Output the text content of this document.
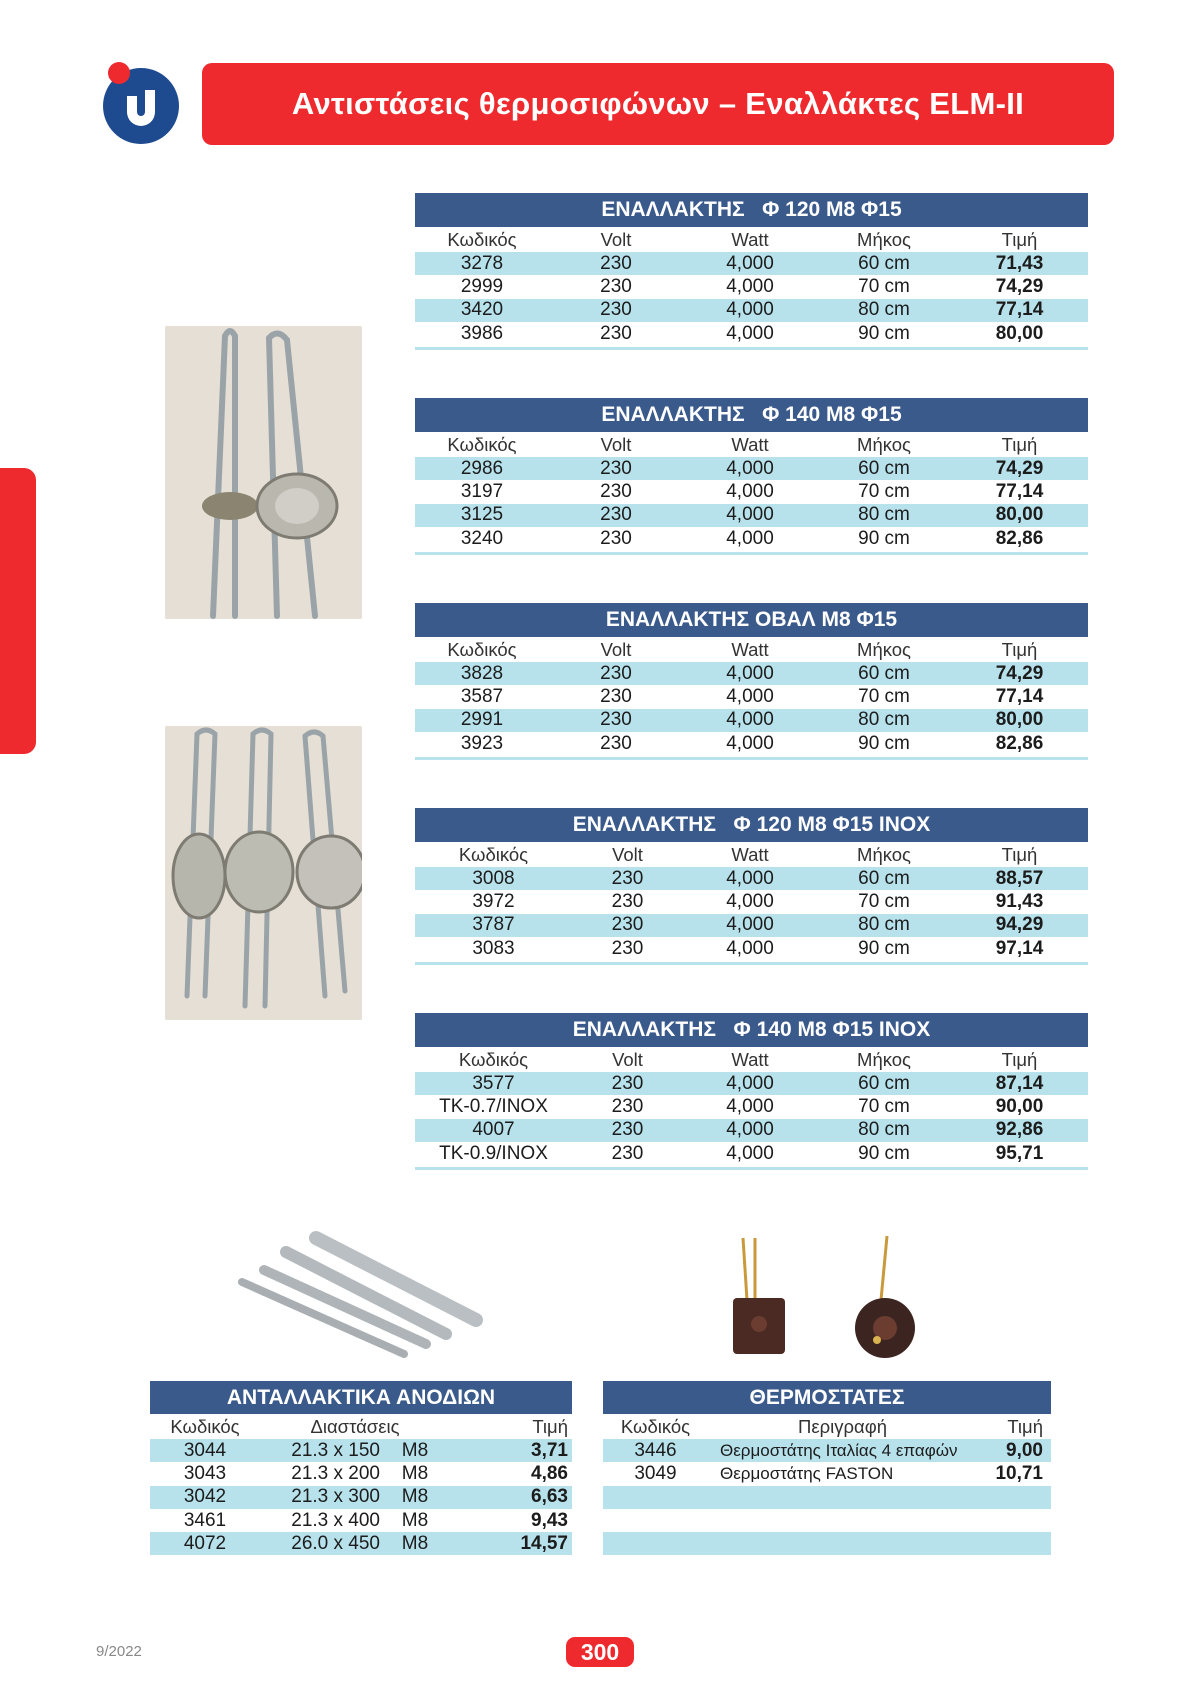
Αντιστάσεις θερμοσιφώνων – Εναλλάκτες ELM-II
ΕΝΑΛΛΑΚΤΗΣ   Φ 120 M8 Φ15
Κωδικός	Volt	Watt	Μήκος	Τιμή
3278	230	4,000	60 cm	71,43
2999	230	4,000	70 cm	74,29
3420	230	4,000	80 cm	77,14
3986	230	4,000	90 cm	80,00
ΕΝΑΛΛΑΚΤΗΣ   Φ 140 M8 Φ15
Κωδικός	Volt	Watt	Μήκος	Τιμή
2986	230	4,000	60 cm	74,29
3197	230	4,000	70 cm	77,14
3125	230	4,000	80 cm	80,00
3240	230	4,000	90 cm	82,86
ΕΝΑΛΛΑΚΤΗΣ ΟΒΑΛ M8 Φ15
Κωδικός	Volt	Watt	Μήκος	Τιμή
3828	230	4,000	60 cm	74,29
3587	230	4,000	70 cm	77,14
2991	230	4,000	80 cm	80,00
3923	230	4,000	90 cm	82,86
ΕΝΑΛΛΑΚΤΗΣ   Φ 120 M8 Φ15 INOX
Κωδικός	Volt	Watt	Μήκος	Τιμή
3008	230	4,000	60 cm	88,57
3972	230	4,000	70 cm	91,43
3787	230	4,000	80 cm	94,29
3083	230	4,000	90 cm	97,14
ΕΝΑΛΛΑΚΤΗΣ   Φ 140 M8 Φ15 INOX
Κωδικός	Volt	Watt	Μήκος	Τιμή
3577	230	4,000	60 cm	87,14
TK-0.7/INOX	230	4,000	70 cm	90,00
4007	230	4,000	80 cm	92,86
TK-0.9/INOX	230	4,000	90 cm	95,71
ΑΝΤΑΛΛΑΚΤΙΚΑ ΑΝΟΔΙΩΝ
Κωδικός	Διαστάσεις	Τιμή
3044	21.3 x 150	M8	3,71
3043	21.3 x 200	M8	4,86
3042	21.3 x 300	M8	6,63
3461	21.3 x 400	M8	9,43
4072	26.0 x 450	M8	14,57
ΘΕΡΜΟΣΤΑΤΕΣ
Κωδικός	Περιγραφή	Τιμή
3446	Θερμοστάτης Ιταλίας 4 επαφών	9,00
3049	Θερμοστάτης FASTON	10,71
9/2022	300
